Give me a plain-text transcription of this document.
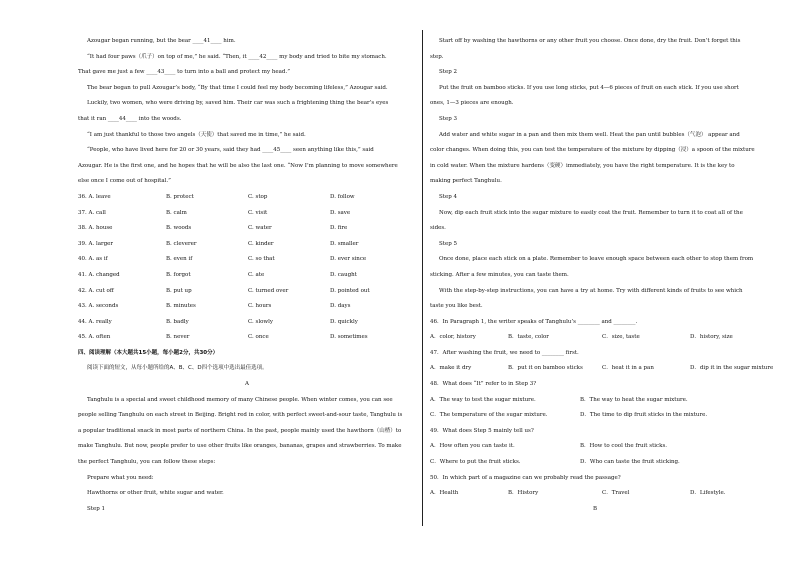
Azougar began running, but the bear ____41____ him.

“It had four paws（爪子）on top of me,” he said. “Then, it ____42____ my body and tried to bite my stomach.

That gave me just a few ____43____ to turn into a ball and protect my head.”

The bear began to pull Azougar’s body, “By that time I could feel my body becoming lifeless,” Azougar said.

Luckily, two women, who were driving by, saved him. Their car was such a frightening thing the bear’s eyes

that it ran ____44____ into the woods.

“I am just thankful to those two angels（天使）that saved me in time,” he said.

“People, who have lived here for 20 or 30 years, said they had ____45____ seen anything like this,” said

Azougar. He is the first one, and he hopes that he will be also the last one. “Now I’m planning to move somewhere

else once I come out of hospital.”

36. A. leave	B. protect	C. stop	D. follow
37. A. call	B. calm	C. visit	D. save
38. A. house	B. woods	C. water	D. fire
39. A. larger	B. cleverer	C. kinder	D. smaller
40. A. as if	B. even if	C. so that	D. ever since
41. A. changed	B. forgot	C. ate	D. caught
42. A. cut off	B. put up	C. turned over	D. pointed out
43. A. seconds	B. minutes	C. hours	D. days
44. A. really	B. badly	C. slowly	D. quickly
45. A. often	B. never	C. once	D. sometimes

四、阅读理解（本大题共15小题，每小题2分，共30分）

阅读下面的短文，从每小题所给的A、B、C、D四个选项中选出最佳选项。

A

Tanghulu is a special and sweet childhood memory of many Chinese people. When winter comes, you can see

people selling Tanghulu on each street in Beijing. Bright red in color, with perfect sweet-and-sour taste, Tanghulu is

a popular traditional snack in most parts of northern China. In the past, people mainly used the hawthorn（山楂）to

make Tanghulu. But now, people prefer to use other fruits like oranges, bananas, grapes and strawberries. To make

the perfect Tanghulu, you can follow these steps:

Prepare what you need:

Hawthorns or other fruit, white sugar and water.

Step 1

Start off by washing the hawthorns or any other fruit you choose. Once done, dry the fruit. Don’t forget this

step.

Step 2

Put the fruit on bamboo sticks. If you use long sticks, put 4—6 pieces of fruit on each stick. If you use short

ones, 1—3 pieces are enough.

Step 3

Add water and white sugar in a pan and then mix them well. Heat the pan until bubbles（气泡） appear and

color changes. When doing this, you can test the temperature of the mixture by dipping（浸）a spoon of the mixture

in cold water. When the mixture hardens（变硬）immediately, you have the right temperature. It is the key to

making perfect Tanghulu.

Step 4

Now, dip each fruit stick into the sugar mixture to easily coat the fruit. Remember to turn it to coat all of the

sides.

Step 5

Once done, place each stick on a plate. Remember to leave enough space between each other to stop them from

sticking. After a few minutes, you can taste them.

With the step-by-step instructions, you can have a try at home. Try with different kinds of fruits to see which

taste you like best.

46．In Paragraph 1, the writer speaks of Tanghulu’s ________ and ________.

A．color, history	B．taste, color	C．size, taste	D．history, size

47．After washing the fruit, we need to ________ first.

A．make it dry	B．put it on bamboo sticks	C．heat it in a pan	D．dip it in the sugar mixture

48．What does “It” refer to in Step 3?

A．The way to test the sugar mixture.	B．The way to heat the sugar mixture.
C．The temperature of the sugar mixture.	D．The time to dip fruit sticks in the mixture.

49．What does Step 5 mainly tell us?

A．How often you can taste it.	B．How to cool the fruit sticks.
C．Where to put the fruit sticks.	D．Who can taste the fruit sticking.

50．In which part of a magazine can we probably read the passage?

A．Health	B．History	C．Travel	D．Lifestyle.

B
